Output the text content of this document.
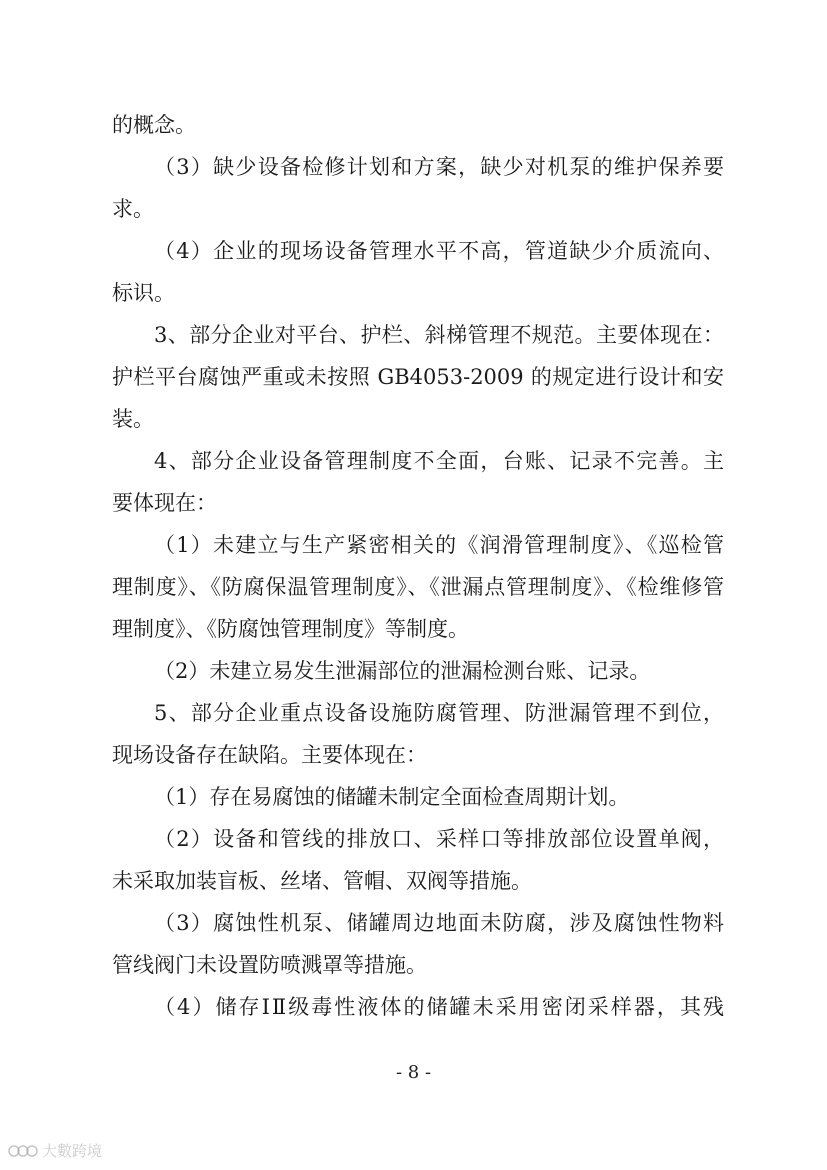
的概念。
（3）缺少设备检修计划和方案，缺少对机泵的维护保养要
求。
（4）企业的现场设备管理水平不高，管道缺少介质流向、
标识。
3、部分企业对平台、护栏、斜梯管理不规范。主要体现在：
护栏平台腐蚀严重或未按照 GB4053-2009 的规定进行设计和安
装。
4、部分企业设备管理制度不全面，台账、记录不完善。主
要体现在：
（1）未建立与生产紧密相关的《润滑管理制度》、《巡检管
理制度》、《防腐保温管理制度》、《泄漏点管理制度》、《检维修管
理制度》、《防腐蚀管理制度》等制度。
（2）未建立易发生泄漏部位的泄漏检测台账、记录。
5、部分企业重点设备设施防腐管理、防泄漏管理不到位，
现场设备存在缺陷。主要体现在：
（1）存在易腐蚀的储罐未制定全面检查周期计划。
（2）设备和管线的排放口、采样口等排放部位设置单阀，
未采取加装盲板、丝堵、管帽、双阀等措施。
（3）腐蚀性机泵、储罐周边地面未防腐，涉及腐蚀性物料
管线阀门未设置防喷溅罩等措施。
（4）储存ⅠⅡ级毒性液体的储罐未采用密闭采样器，其残
- 8 -
大數跨境
